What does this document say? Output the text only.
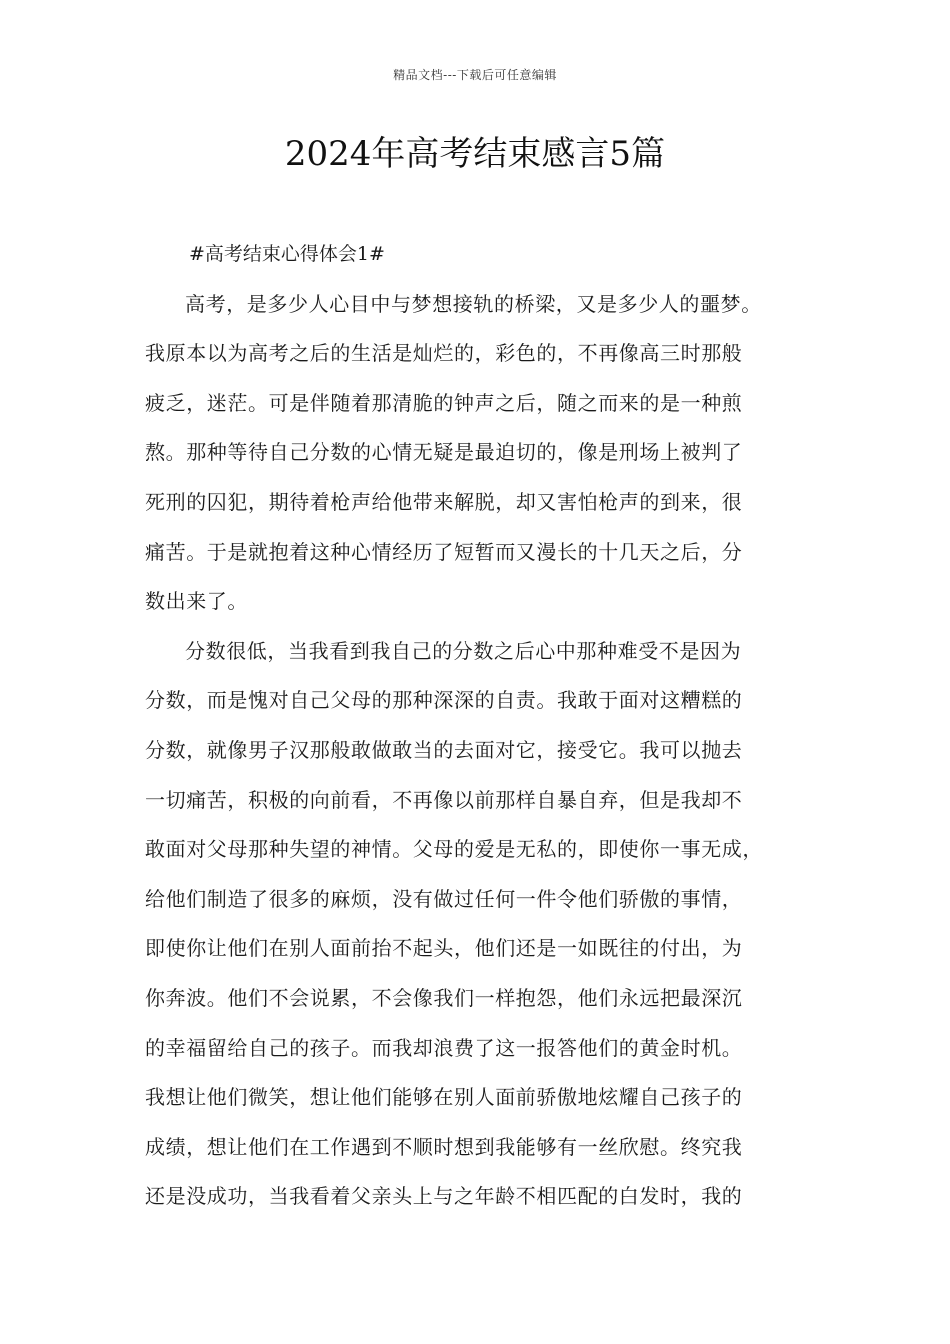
精品文档---下载后可任意编辑
2024年高考结束感言5篇

#高考结束心得体会1#

高考，是多少人心目中与梦想接轨的桥梁，又是多少人的噩梦。
我原本以为高考之后的生活是灿烂的，彩色的，不再像高三时那般
疲乏，迷茫。可是伴随着那清脆的钟声之后，随之而来的是一种煎
熬。那种等待自己分数的心情无疑是最迫切的，像是刑场上被判了
死刑的囚犯，期待着枪声给他带来解脱，却又害怕枪声的到来，很
痛苦。于是就抱着这种心情经历了短暂而又漫长的十几天之后，分
数出来了。

分数很低，当我看到我自己的分数之后心中那种难受不是因为
分数，而是愧对自己父母的那种深深的自责。我敢于面对这糟糕的
分数，就像男子汉那般敢做敢当的去面对它，接受它。我可以抛去
一切痛苦，积极的向前看，不再像以前那样自暴自弃，但是我却不
敢面对父母那种失望的神情。父母的爱是无私的，即使你一事无成，
给他们制造了很多的麻烦，没有做过任何一件令他们骄傲的事情，
即使你让他们在别人面前抬不起头，他们还是一如既往的付出，为
你奔波。他们不会说累，不会像我们一样抱怨，他们永远把最深沉
的幸福留给自己的孩子。而我却浪费了这一报答他们的黄金时机。
我想让他们微笑，想让他们能够在别人面前骄傲地炫耀自己孩子的
成绩，想让他们在工作遇到不顺时想到我能够有一丝欣慰。终究我
还是没成功，当我看着父亲头上与之年龄不相匹配的白发时，我的
